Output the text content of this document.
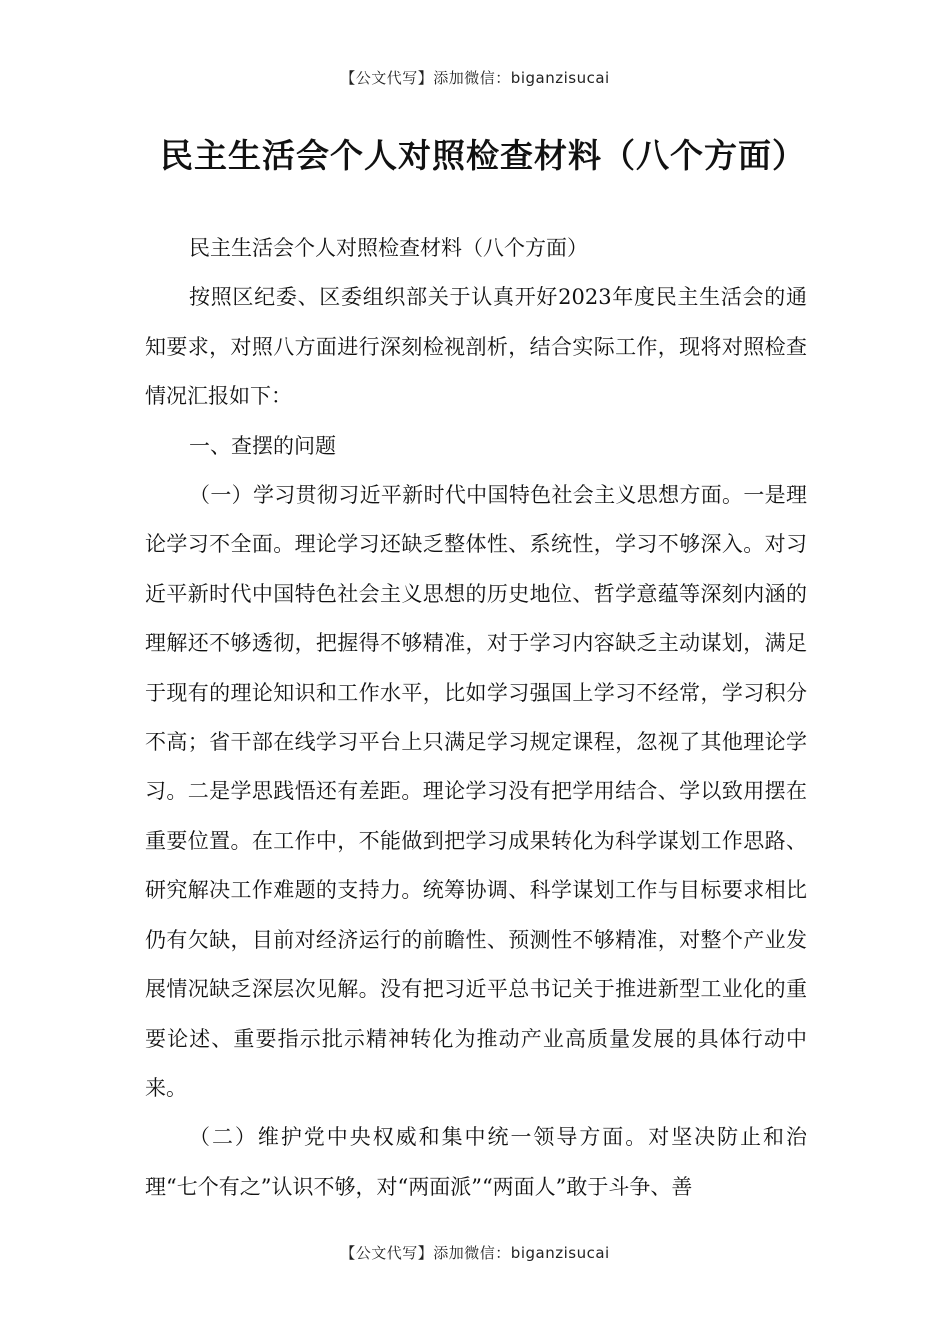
【公文代写】添加微信：biganzisucai
民主生活会个人对照检查材料（八个方面）

民主生活会个人对照检查材料（八个方面）

按照区纪委、区委组织部关于认真开好2023年度民主生活会的通知要求，对照八方面进行深刻检视剖析，结合实际工作，现将对照检查情况汇报如下：

一、查摆的问题

（一）学习贯彻习近平新时代中国特色社会主义思想方面。一是理论学习不全面。理论学习还缺乏整体性、系统性，学习不够深入。对习近平新时代中国特色社会主义思想的历史地位、哲学意蕴等深刻内涵的理解还不够透彻，把握得不够精准，对于学习内容缺乏主动谋划，满足于现有的理论知识和工作水平，比如学习强国上学习不经常，学习积分不高；省干部在线学习平台上只满足学习规定课程，忽视了其他理论学习。二是学思践悟还有差距。理论学习没有把学用结合、学以致用摆在重要位置。在工作中，不能做到把学习成果转化为科学谋划工作思路、研究解决工作难题的支持力。统筹协调、科学谋划工作与目标要求相比仍有欠缺，目前对经济运行的前瞻性、预测性不够精准，对整个产业发展情况缺乏深层次见解。没有把习近平总书记关于推进新型工业化的重要论述、重要指示批示精神转化为推动产业高质量发展的具体行动中来。

（二）维护党中央权威和集中统一领导方面。对坚决防止和治理“七个有之”认识不够，对“两面派”“两面人”敢于斗争、善

【公文代写】添加微信：biganzisucai
